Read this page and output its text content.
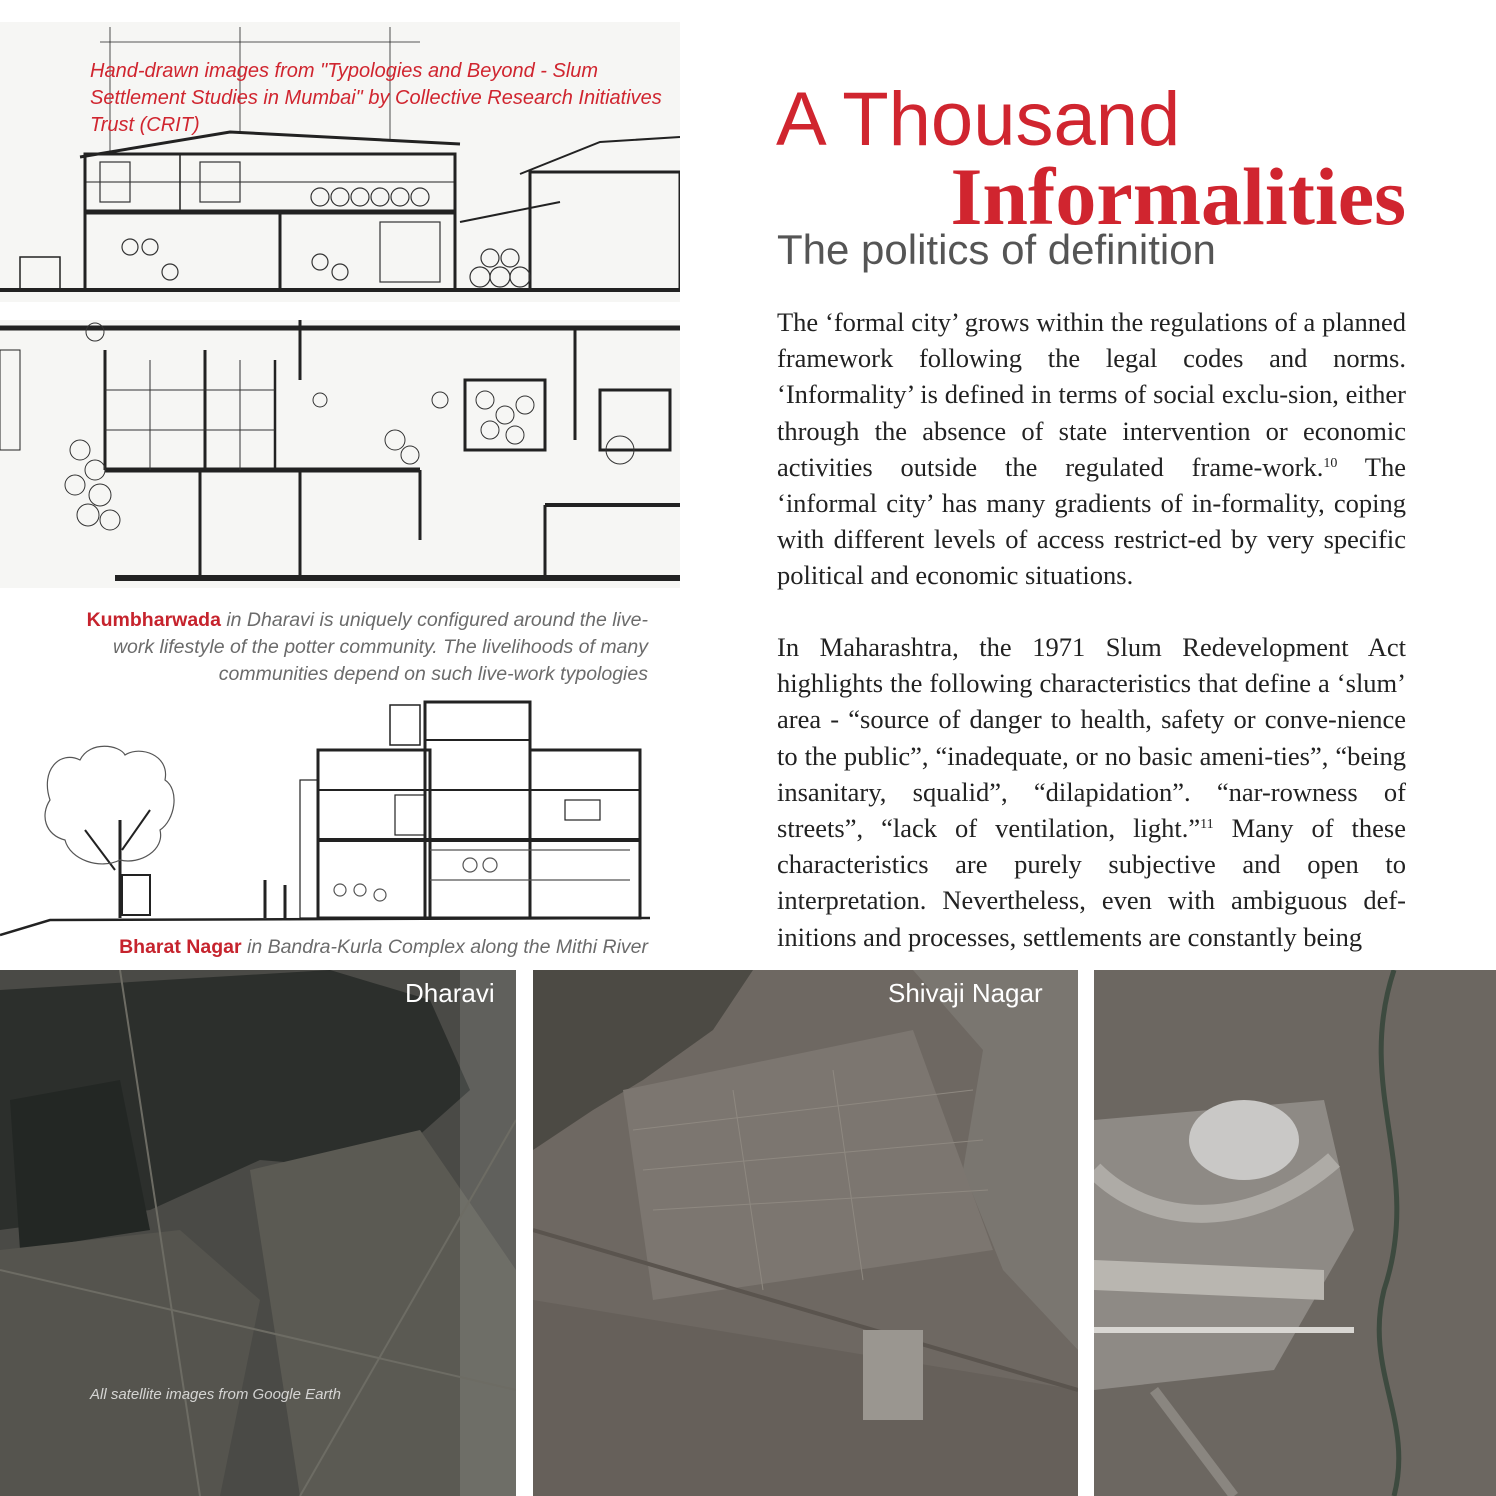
Hand-drawn images from "Typologies and Beyond - Slum Settlement Studies in Mumbai" by Collective Research Initiatives Trust (CRIT)
Kumbharwada in Dharavi is uniquely configured around the live-work lifestyle of the potter community. The livelihoods of many communities depend on such live-work typologies
Bharat Nagar in Bandra-Kurla Complex along the Mithi River
A Thousand
Informalities
The politics of definition

The ‘formal city’ grows within the regulations of a planned framework following the legal codes and norms. ‘Informality’ is defined in terms of social exclu-sion, either through the absence of state intervention or economic activities outside the regulated frame-work.$^{10}$ The ‘informal city’ has many gradients of in-formality, coping with different levels of access restrict-ed by very specific political and economic situations.

In Maharashtra, the 1971 Slum Redevelopment Act highlights the following characteristics that define a ‘slum’ area - “source of danger to health, safety or conve-nience to the public”, “inadequate, or no basic ameni-ties”, “being insanitary, squalid”, “dilapidation”. “nar-rowness of streets”, “lack of ventilation, light.”$^{11}$ Many of these characteristics are purely subjective and open to interpretation. Nevertheless, even with ambiguous def-initions and processes, settlements are constantly being

Dharavi
All satellite images from Google Earth
Shivaji Nagar
